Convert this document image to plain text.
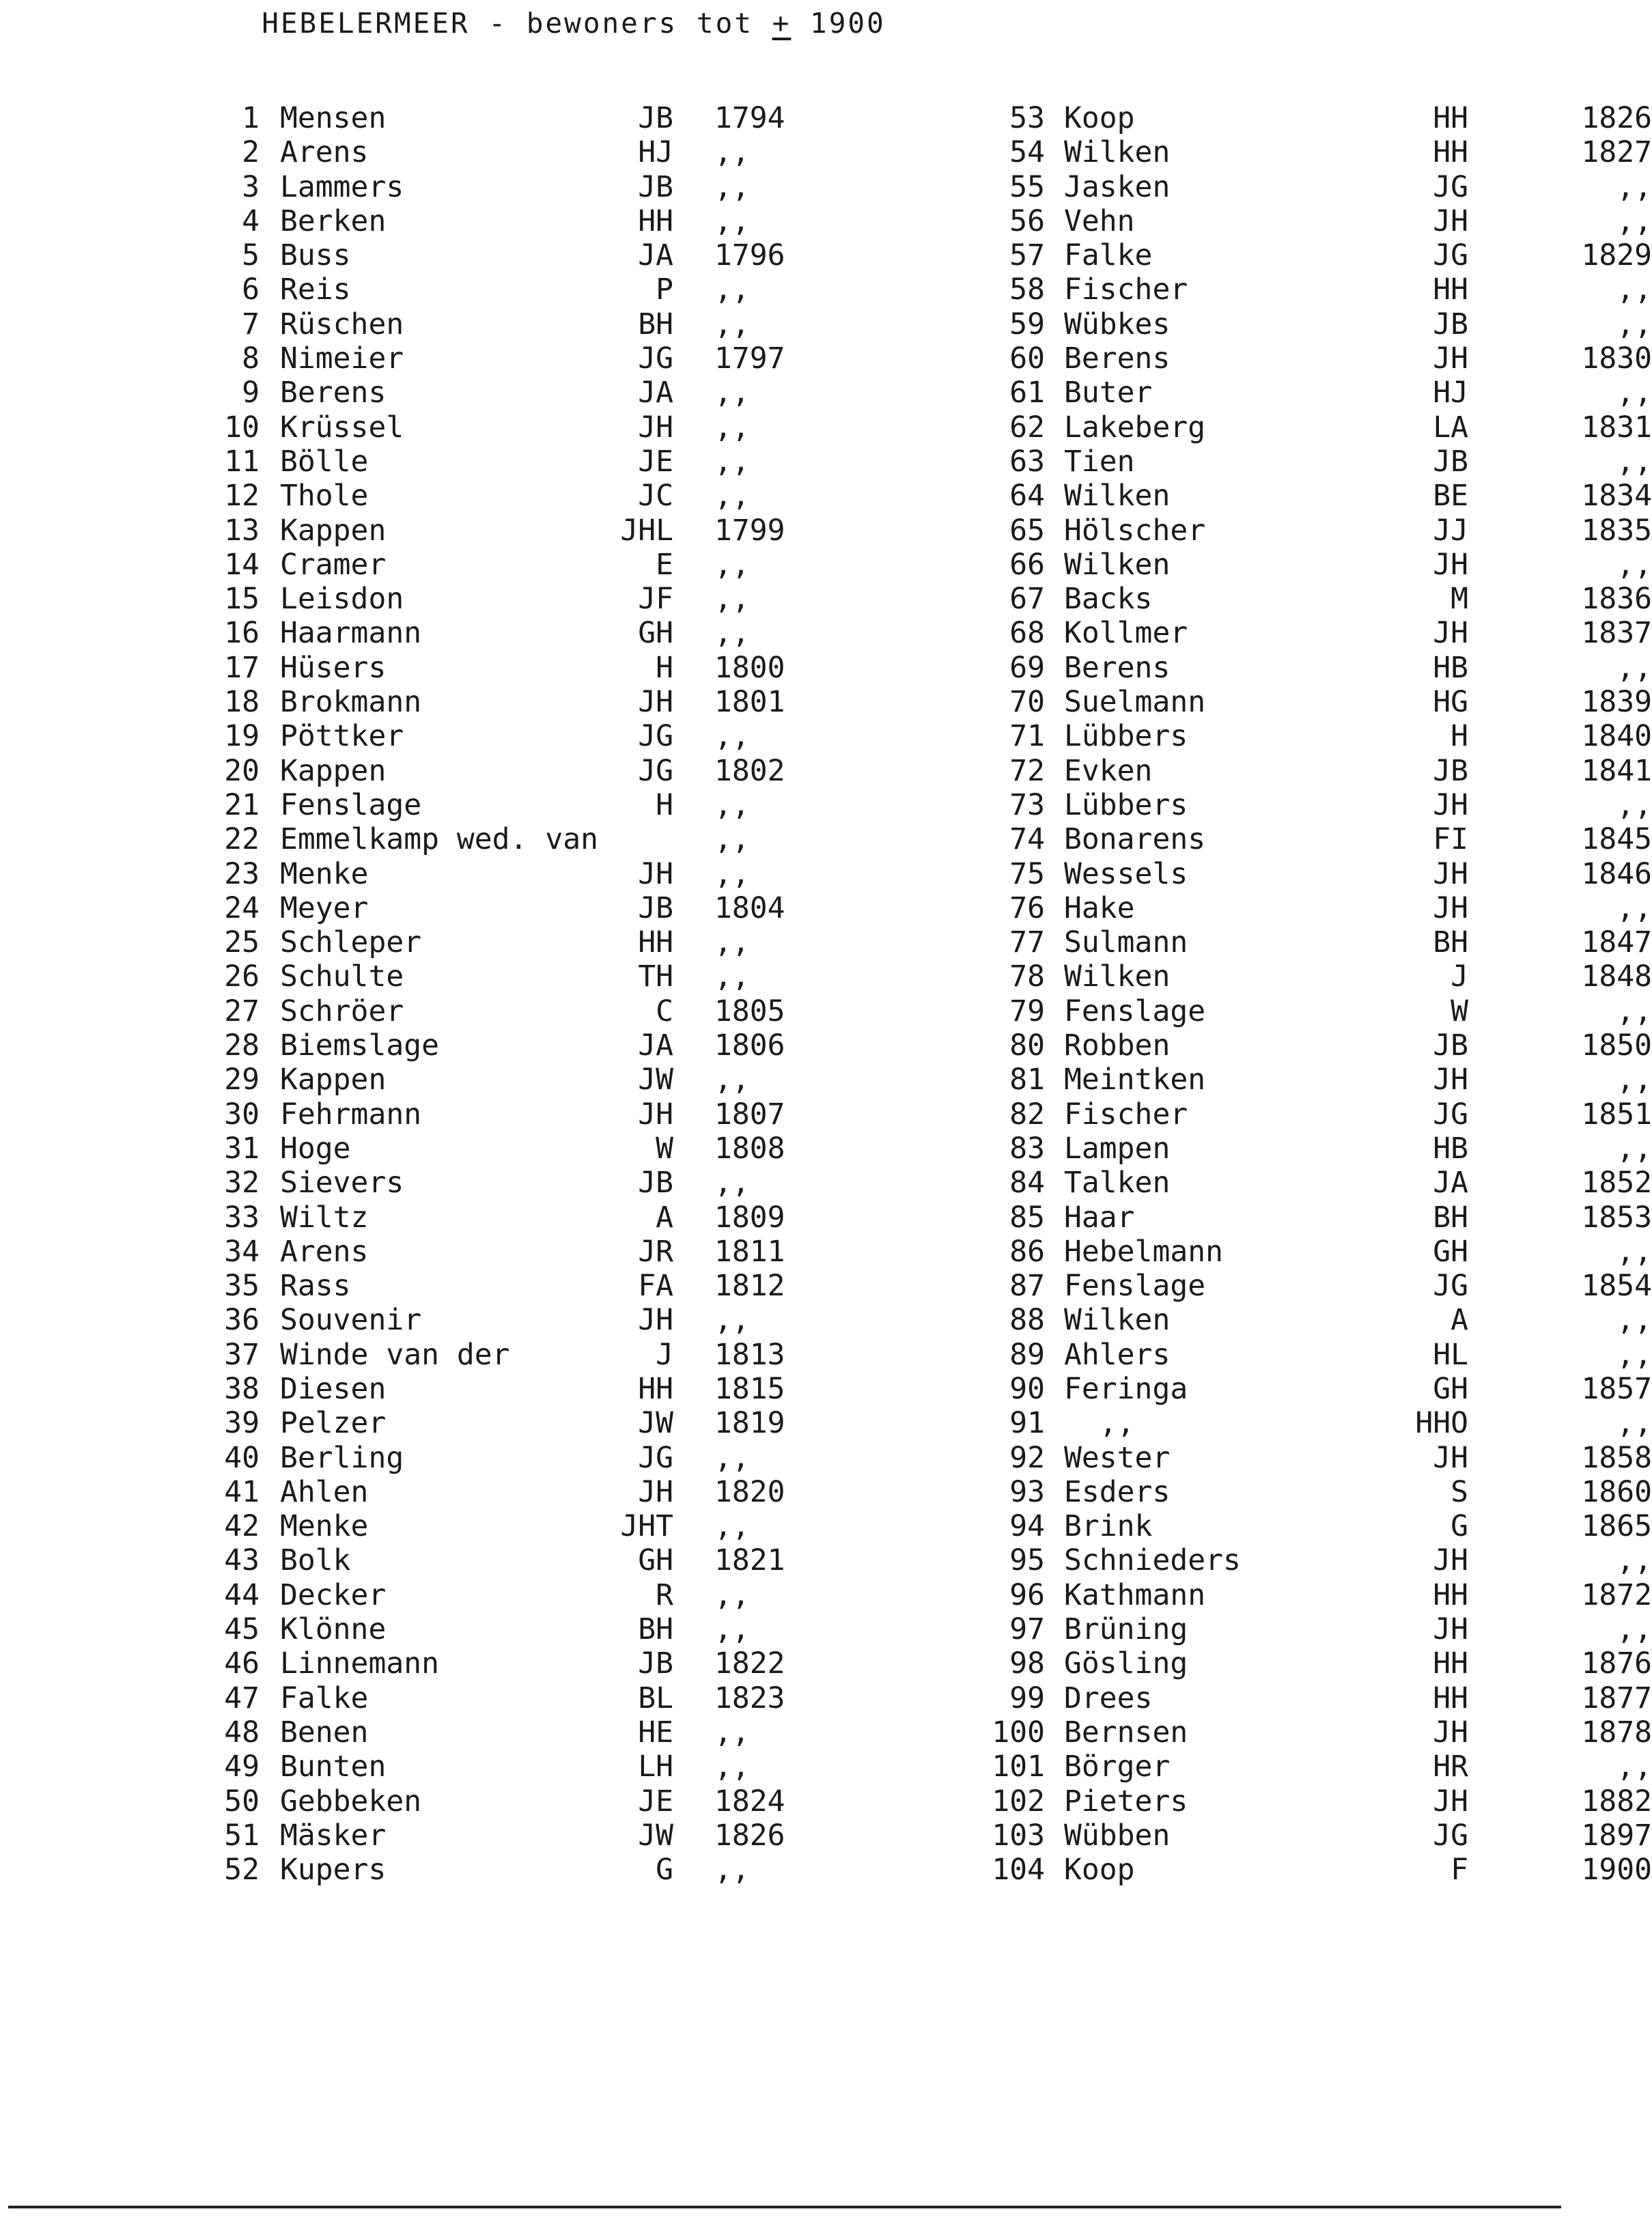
HEBELERMEER - bewoners tot + 1900
1 Mensen	JB 1794
2 Arens	HJ ,,
3 Lammers	JB ,,
4 Berken	HH ,,
5 Buss	JA 1796
6 Reis	P ,,
7 Rüschen	BH ,,
8 Nimeier	JG 1797
9 Berens	JA ,,
10 Krüssel	JH ,,
11 Bölle	JE ,,
12 Thole	JC ,,
13 Kappen	JHL 1799
14 Cramer	E ,,
15 Leisdon	JF ,,
16 Haarmann	GH ,,
17 Hüsers	H 1800
18 Brokmann	JH 1801
19 Pöttker	JG ,,
20 Kappen	JG 1802
21 Fenslage	H ,,
22 Emmelkamp wed. van	,,
23 Menke	JH ,,
24 Meyer	JB 1804
25 Schleper	HH ,,
26 Schulte	TH ,,
27 Schröer	C 1805
28 Biemslage	JA 1806
29 Kappen	JW ,,
30 Fehrmann	JH 1807
31 Hoge	W 1808
32 Sievers	JB ,,
33 Wiltz	A 1809
34 Arens	JR 1811
35 Rass	FA 1812
36 Souvenir	JH ,,
37 Winde van der	J 1813
38 Diesen	HH 1815
39 Pelzer	JW 1819
40 Berling	JG ,,
41 Ahlen	JH 1820
42 Menke	JHT ,,
43 Bolk	GH 1821
44 Decker	R ,,
45 Klönne	BH ,,
46 Linnemann	JB 1822
47 Falke	BL 1823
48 Benen	HE ,,
49 Bunten	LH ,,
50 Gebbeken	JE 1824
51 Mäsker	JW 1826
52 Kupers	G ,,
53 Koop	HH	1826
54 Wilken	HH	1827
55 Jasken	JG	,,
56 Vehn	JH	,,
57 Falke	JG	1829
58 Fischer	HH	,,
59 Wübkes	JB	,,
60 Berens	JH	1830
61 Buter	HJ	,,
62 Lakeberg	LA	1831
63 Tien	JB	,,
64 Wilken	BE	1834
65 Hölscher	JJ	1835
66 Wilken	JH	,,
67 Backs	M	1836
68 Kollmer	JH	1837
69 Berens	HB	,,
70 Suelmann	HG	1839
71 Lübbers	H	1840
72 Evken	JB	1841
73 Lübbers	JH	,,
74 Bonarens	FI	1845
75 Wessels	JH	1846
76 Hake	JH	,,
77 Sulmann	BH	1847
78 Wilken	J	1848
79 Fenslage	W	,,
80 Robben	JB	1850
81 Meintken	JH	,,
82 Fischer	JG	1851
83 Lampen	HB	,,
84 Talken	JA	1852
85 Haar	BH	1853
86 Hebelmann	GH	,,
87 Fenslage	JG	1854
88 Wilken	A	,,
89 Ahlers	HL	,,
90 Feringa	GH	1857
91 ,,	HHO	,,
92 Wester	JH	1858
93 Esders	S	1860
94 Brink	G	1865
95 Schnieders	JH	,,
96 Kathmann	HH	1872
97 Brüning	JH	,,
98 Gösling	HH	1876
99 Drees	HH	1877
100 Bernsen	JH	1878
101 Börger	HR	,,
102 Pieters	JH	1882
103 Wübben	JG	1897
104 Koop	F	1900
